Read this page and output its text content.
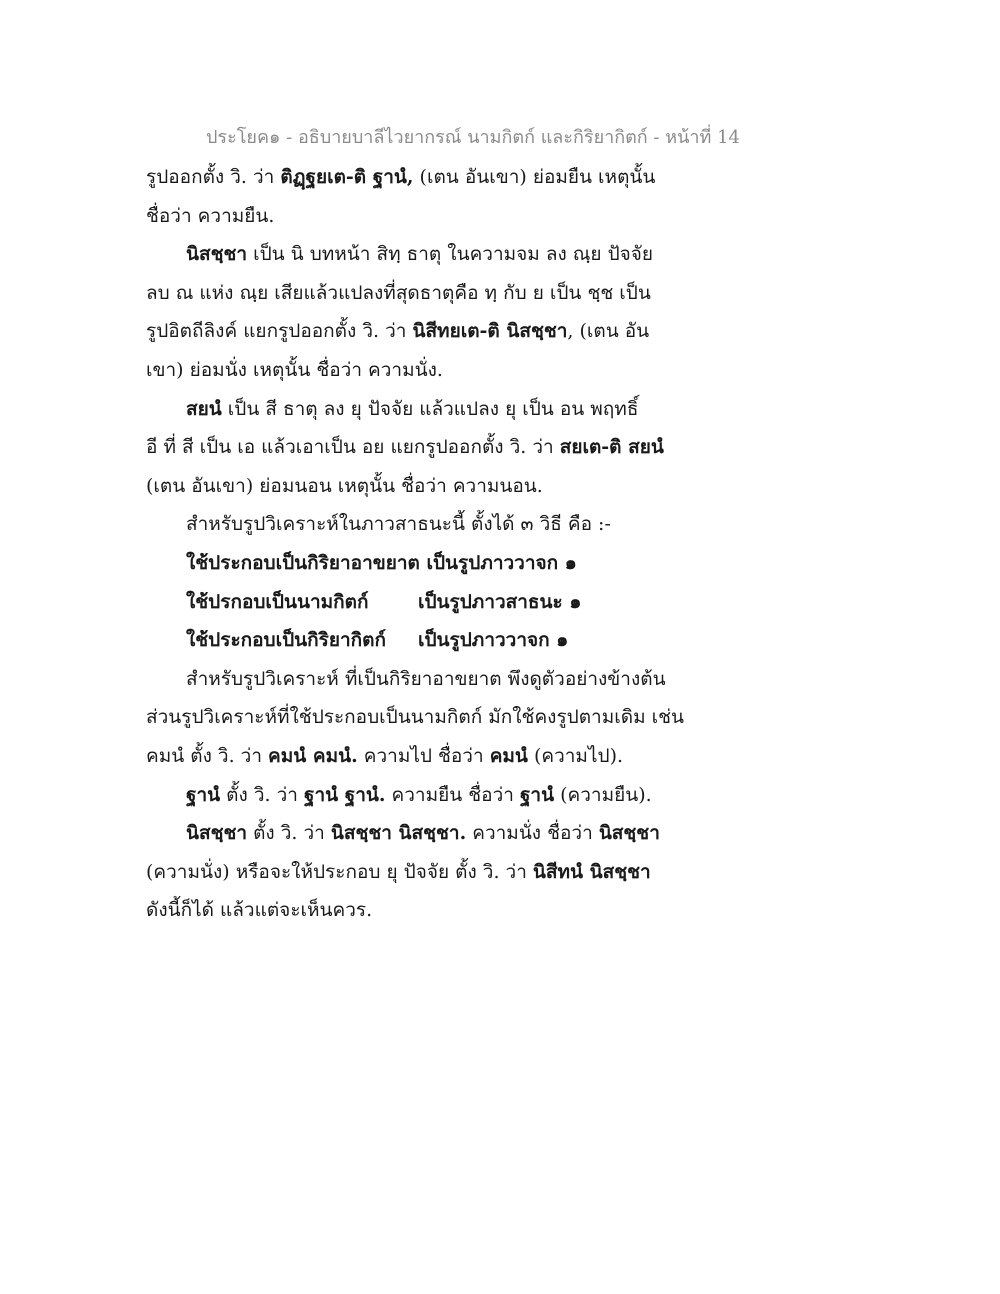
ประโยค๑ - อธิบายบาลีไวยากรณ์ นามกิตก์ และกิริยากิตก์ - หน้าที่ 14
รูปออกตั้ง วิ. ว่า ติฏฺฐยเต-ติ ฐานํ, (เตน อันเขา) ย่อมยืน เหตุนั้น
ชื่อว่า ความยืน.
นิสชฺชา เป็น นิ บทหน้า สิทฺ ธาตุ ในความจม ลง ณฺย ปัจจัย
ลบ ณ แห่ง ณฺย เสียแล้วแปลงที่สุดธาตุคือ ทฺ กับ ย เป็น ชฺช เป็น
รูปอิตถีลิงค์ แยกรูปออกตั้ง วิ. ว่า นิสีทยเต-ติ นิสชฺชา, (เตน อัน
เขา) ย่อมนั่ง เหตุนั้น ชื่อว่า ความนั่ง.
สยนํ เป็น สี ธาตุ ลง ยุ ปัจจัย แล้วแปลง ยุ เป็น อน พฤทธิ์
อี ที่ สี เป็น เอ แล้วเอาเป็น อย แยกรูปออกตั้ง วิ. ว่า สยเต-ติ สยนํ
(เตน อันเขา) ย่อมนอน เหตุนั้น ชื่อว่า ความนอน.
สำหรับรูปวิเคราะห์ในภาวสาธนะนี้ ตั้งได้ ๓ วิธี คือ :-
ใช้ประกอบเป็นกิริยาอาขยาต เป็นรูปภาววาจก ๑
ใช้ปรกอบเป็นนามกิตก์	เป็นรูปภาวสาธนะ ๑
ใช้ประกอบเป็นกิริยากิตก์ เป็นรูปภาววาจก ๑
สำหรับรูปวิเคราะห์ ที่เป็นกิริยาอาขยาต พึงดูตัวอย่างข้างต้น
ส่วนรูปวิเคราะห์ที่ใช้ประกอบเป็นนามกิตก์ มักใช้คงรูปตามเดิม เช่น
คมนํ ตั้ง วิ. ว่า คมนํ คมนํ. ความไป ชื่อว่า คมนํ (ความไป).
ฐานํ ตั้ง วิ. ว่า ฐานํ ฐานํ. ความยืน ชื่อว่า ฐานํ (ความยืน).
นิสชฺชา ตั้ง วิ. ว่า นิสชฺชา นิสชฺชา. ความนั่ง ชื่อว่า นิสชฺชา
(ความนั่ง) หรือจะให้ประกอบ ยุ ปัจจัย ตั้ง วิ. ว่า นิสีทนํ นิสชฺชา
ดังนี้ก็ได้ แล้วแต่จะเห็นควร.
